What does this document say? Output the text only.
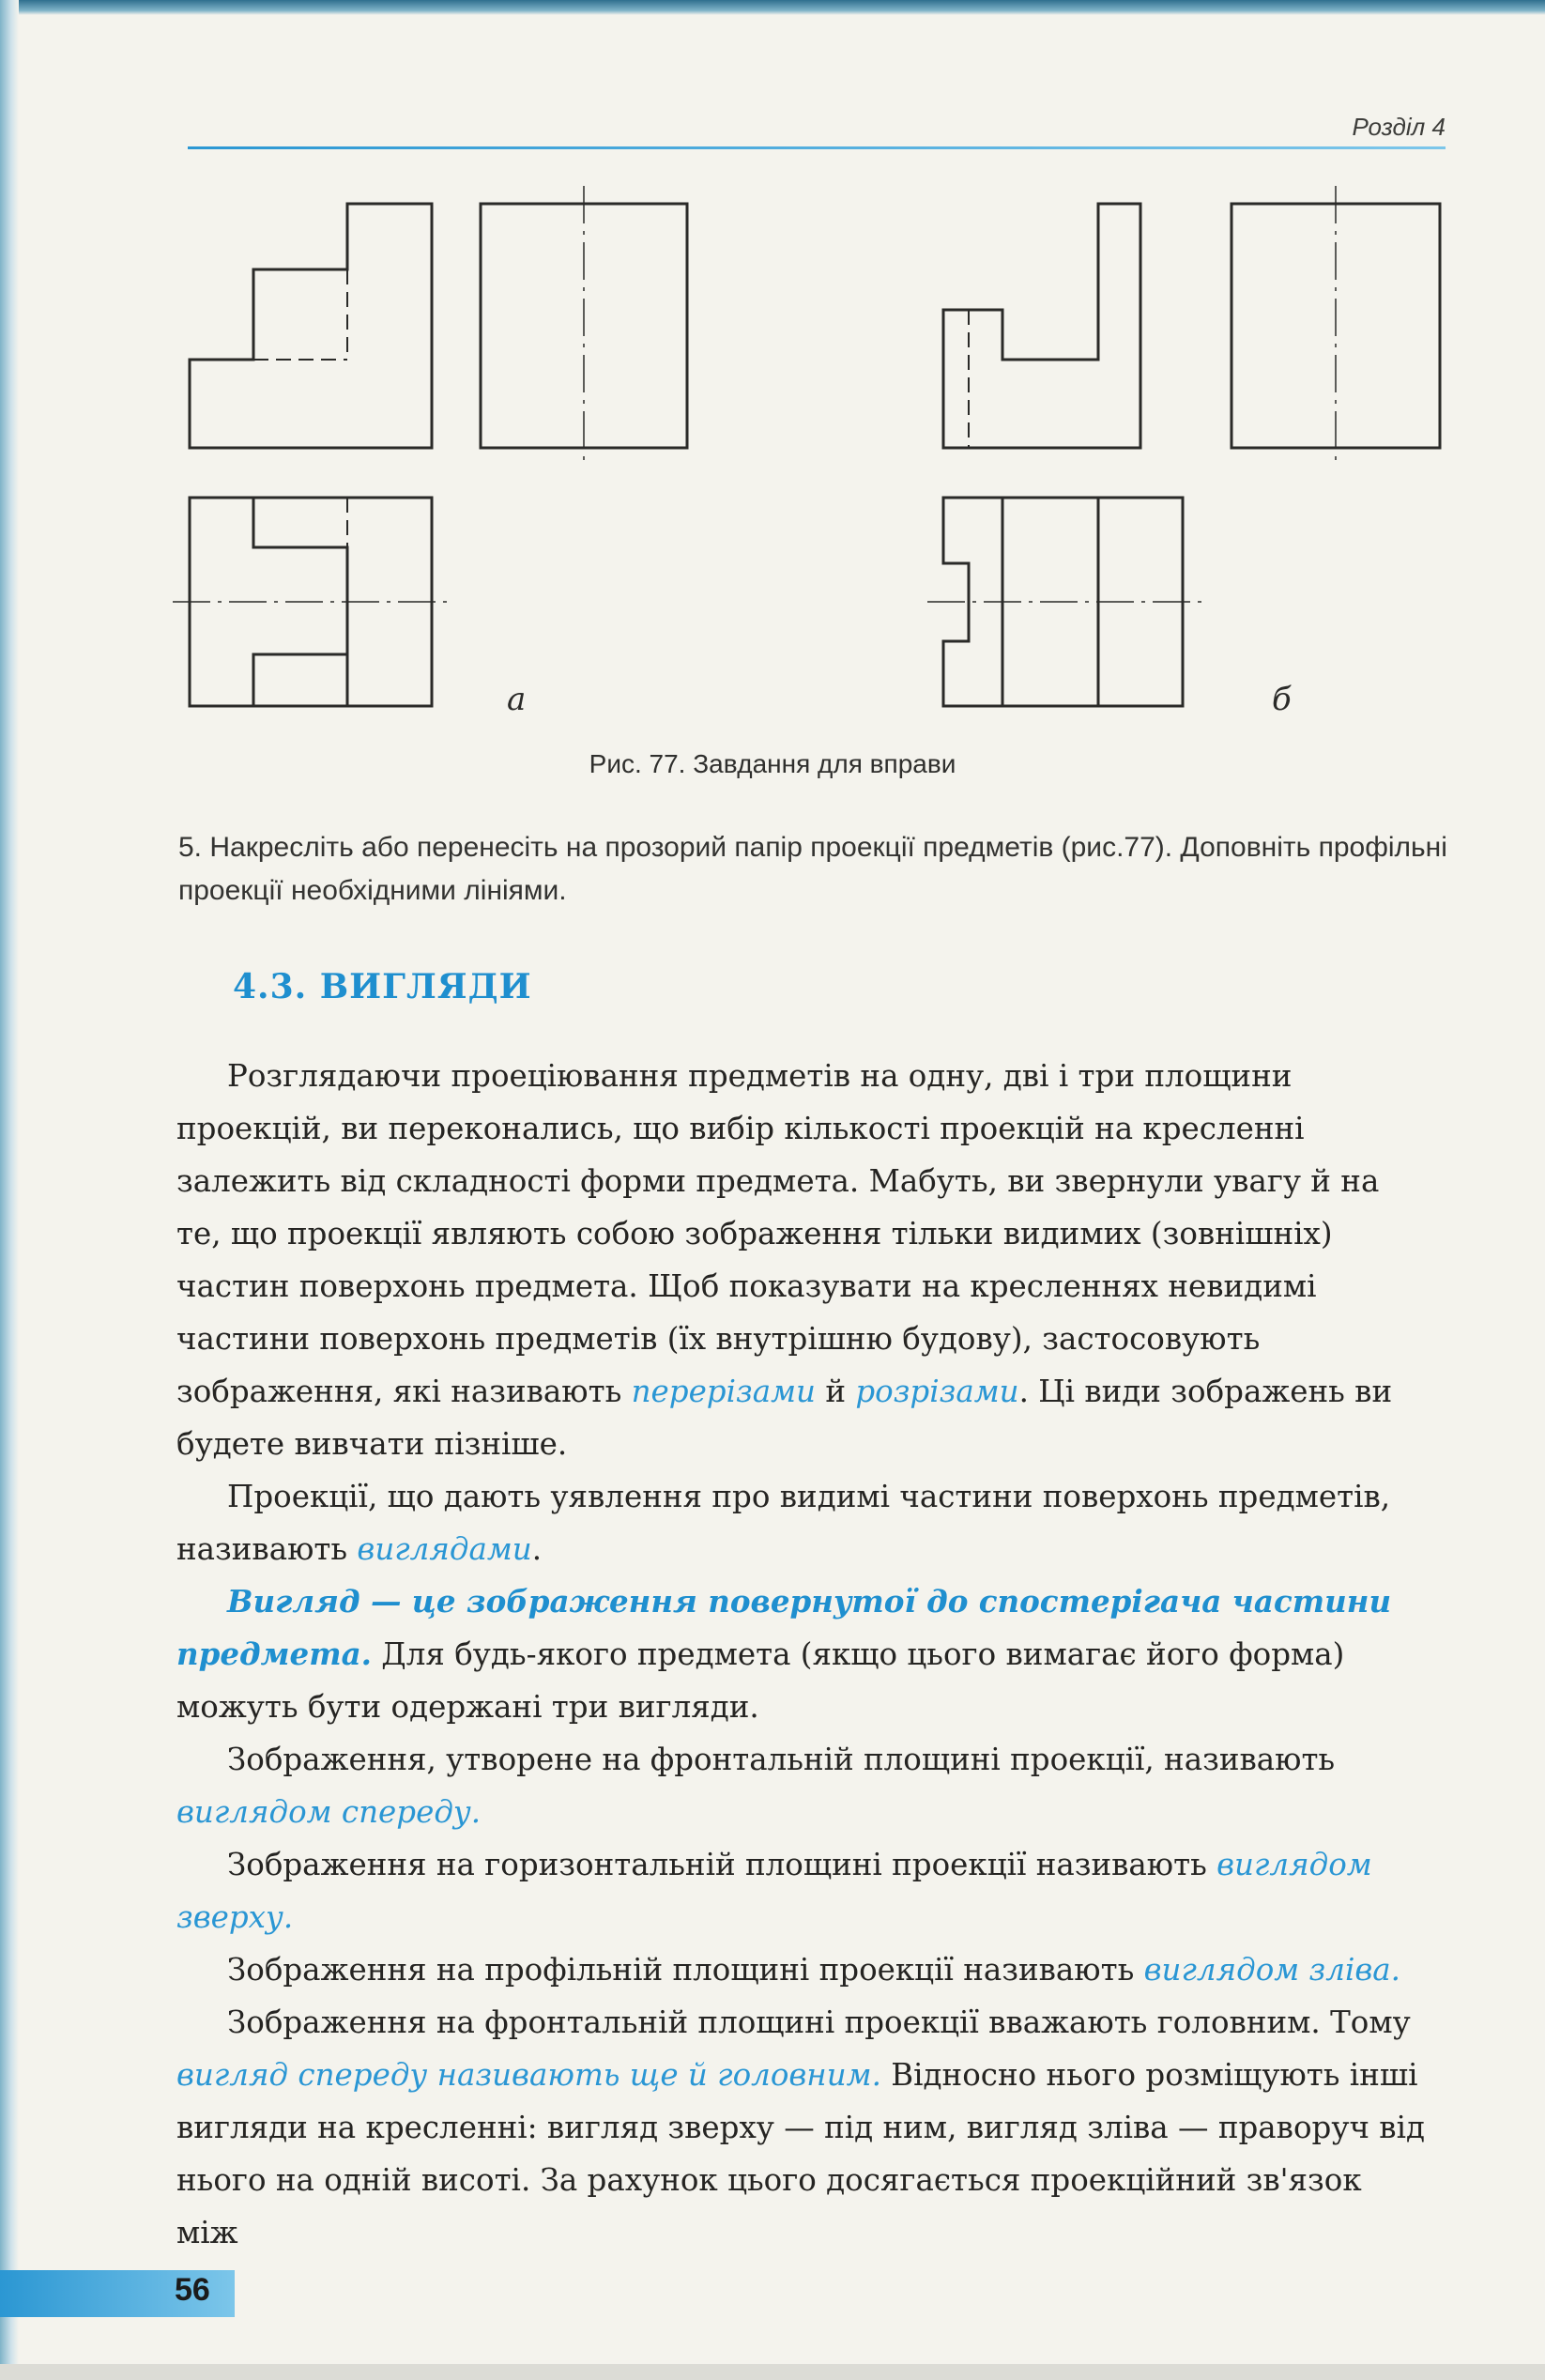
Розділ 4
а	б
Рис. 77. Завдання для вправи
5. Накресліть або перенесіть на прозорий папір проекції предметів (рис.77). Доповніть профільні проекції необхідними лініями.
4.3. ВИГЛЯДИ

Розглядаючи проеціювання предметів на одну, дві і три площини проекцій, ви переконались, що вибір кількості проекцій на кресленні залежить від складності форми предмета. Мабуть, ви звернули увагу й на те, що проекції являють собою зображення тільки видимих (зовнішніх) частин поверхонь предмета. Щоб показувати на кресленнях невидимі частини поверхонь предметів (їх внутрішню будову), застосовують зображення, які називають перерізами й розрізами. Ці види зображень ви будете вивчати пізніше.

Проекції, що дають уявлення про видимі частини поверхонь предметів, називають виглядами.

Вигляд — це зображення повернутої до спостерігача частини предмета. Для будь-якого предмета (якщо цього вимагає його форма) можуть бути одержані три вигляди.

Зображення, утворене на фронтальній площині проекції, називають виглядом спереду.

Зображення на горизонтальній площині проекції називають виглядом зверху.

Зображення на профільній площині проекції називають виглядом зліва.

Зображення на фронтальній площині проекції вважають головним. Тому вигляд спереду називають ще й головним. Відносно нього розміщують інші вигляди на кресленні: вигляд зверху — під ним, вигляд зліва — праворуч від нього на одній висоті. За рахунок цього досягається проекційний зв'язок між

56
